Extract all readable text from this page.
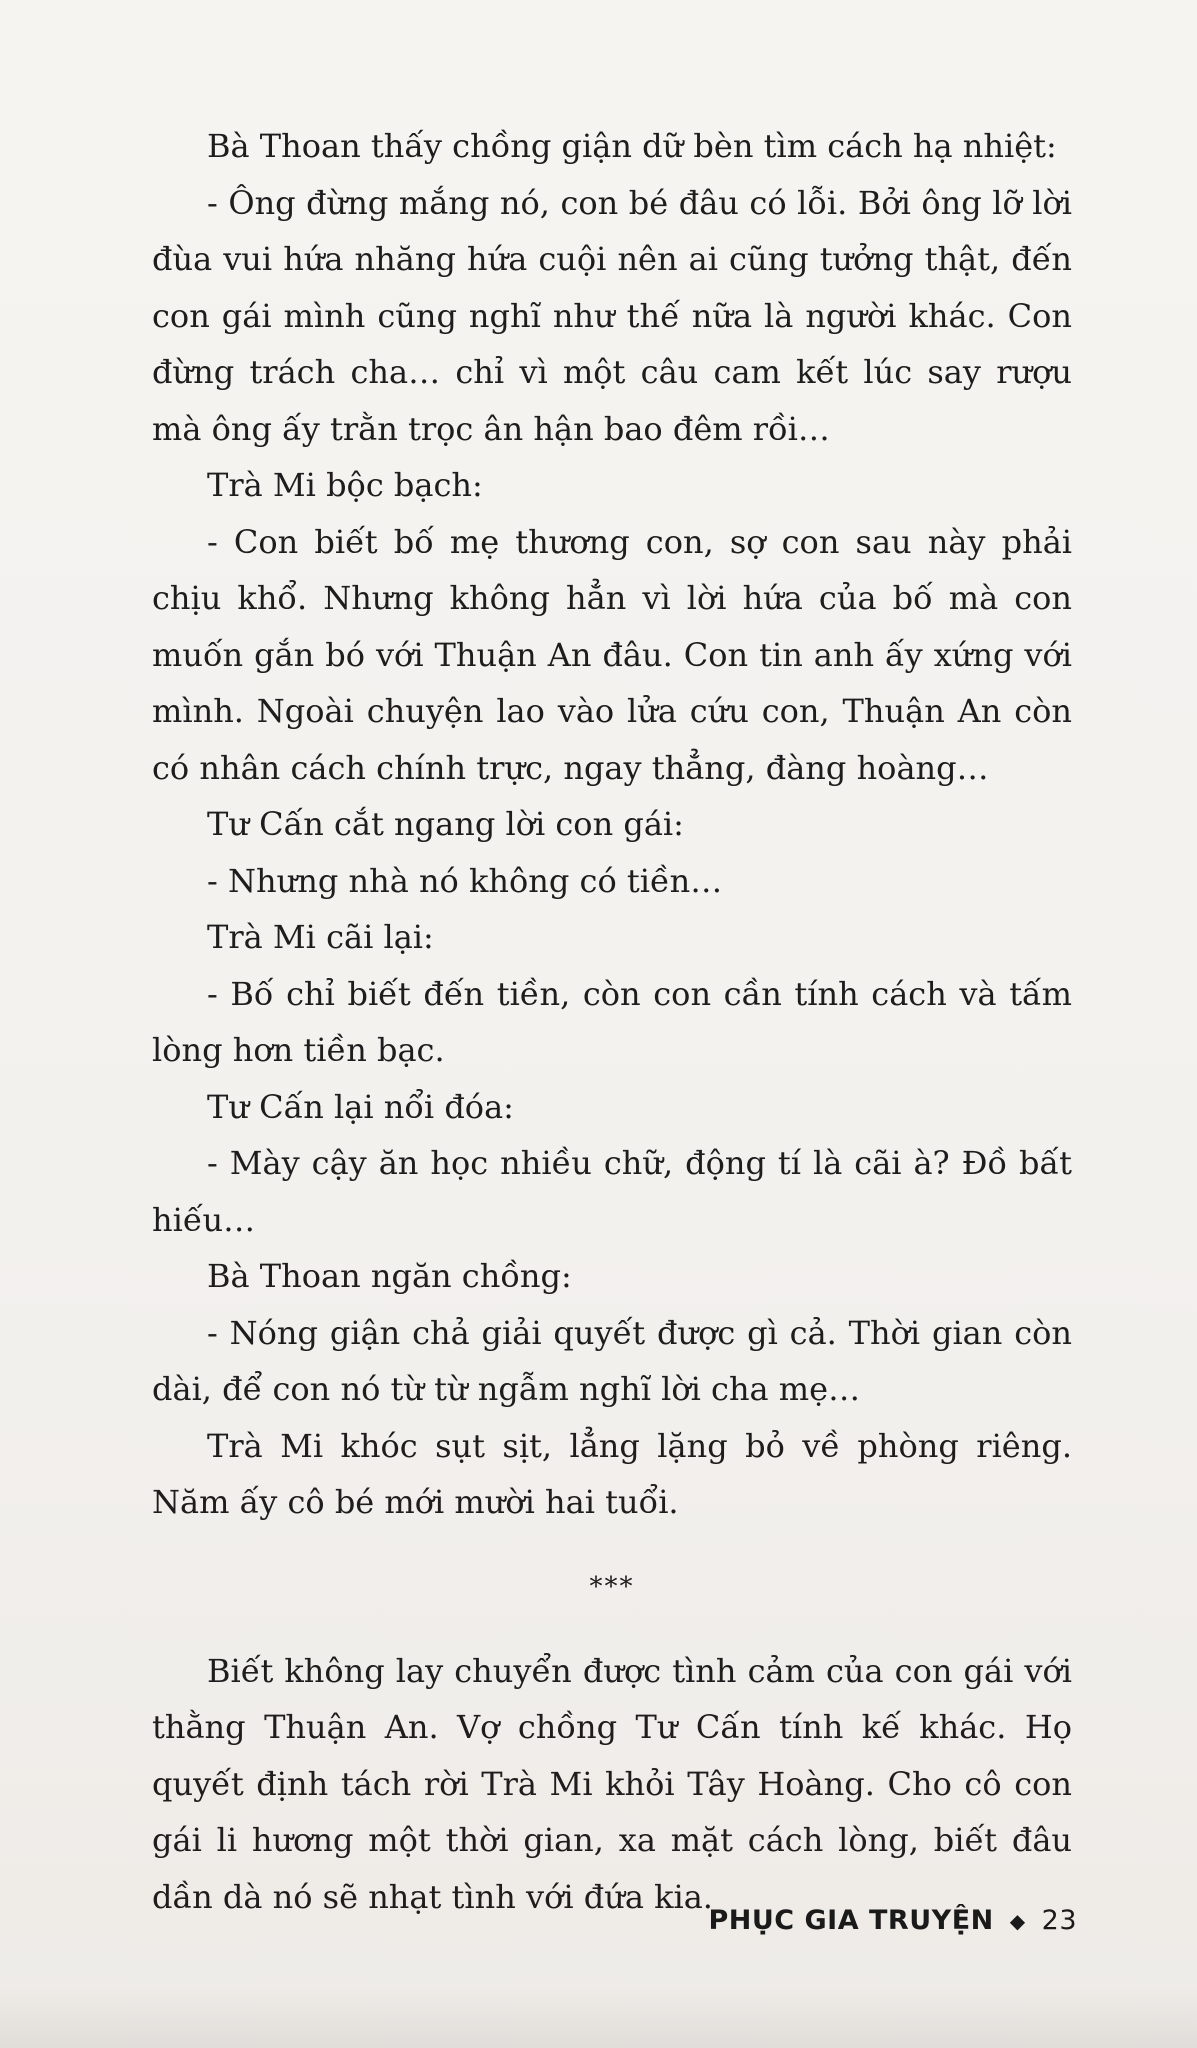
Bà Thoan thấy chồng giận dữ bèn tìm cách hạ nhiệt:

- Ông đừng mắng nó, con bé đâu có lỗi. Bởi ông lỡ lời đùa vui hứa nhăng hứa cuội nên ai cũng tưởng thật, đến con gái mình cũng nghĩ như thế nữa là người khác. Con đừng trách cha… chỉ vì một câu cam kết lúc say rượu mà ông ấy trằn trọc ân hận bao đêm rồi…

Trà Mi bộc bạch:

- Con biết bố mẹ thương con, sợ con sau này phải chịu khổ. Nhưng không hẳn vì lời hứa của bố mà con muốn gắn bó với Thuận An đâu. Con tin anh ấy xứng với mình. Ngoài chuyện lao vào lửa cứu con, Thuận An còn có nhân cách chính trực, ngay thẳng, đàng hoàng…

Tư Cấn cắt ngang lời con gái:

- Nhưng nhà nó không có tiền…

Trà Mi cãi lại:

- Bố chỉ biết đến tiền, còn con cần tính cách và tấm lòng hơn tiền bạc.

Tư Cấn lại nổi đóa:

- Mày cậy ăn học nhiều chữ, động tí là cãi à? Đồ bất hiếu…

Bà Thoan ngăn chồng:

- Nóng giận chả giải quyết được gì cả. Thời gian còn dài, để con nó từ từ ngẫm nghĩ lời cha mẹ…

Trà Mi khóc sụt sịt, lẳng lặng bỏ về phòng riêng. Năm ấy cô bé mới mười hai tuổi.

***

Biết không lay chuyển được tình cảm của con gái với thằng Thuận An. Vợ chồng Tư Cấn tính kế khác. Họ quyết định tách rời Trà Mi khỏi Tây Hoàng. Cho cô con gái li hương một thời gian, xa mặt cách lòng, biết đâu dần dà nó sẽ nhạt tình với đứa kia.

PHỤC GIA TRUYỆN ◆ 23
